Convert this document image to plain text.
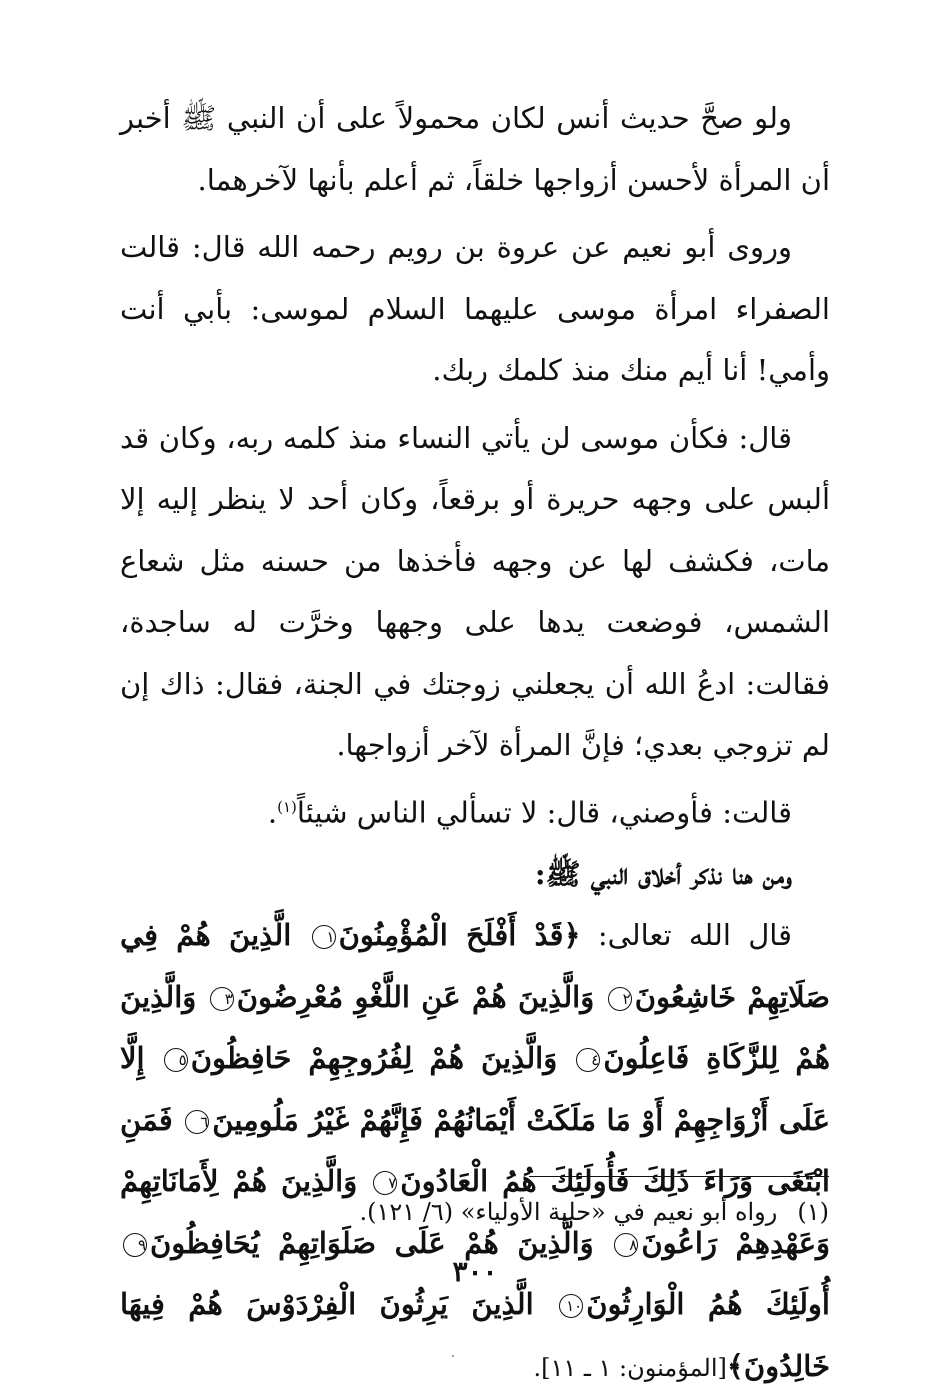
ولو صحَّ حديث أنس لكان محمولاً على أن النبي ﷺ أخبر أن المرأة لأحسن أزواجها خلقاً، ثم أعلم بأنها لآخرهما.

وروى أبو نعيم عن عروة بن رويم رحمه الله قال: قالت الصفراء امرأة موسى عليهما السلام لموسى: بأبي أنت وأمي! أنا أيم منك منذ كلمك ربك.

قال: فكأن موسى لن يأتي النساء منذ كلمه ربه، وكان قد ألبس على وجهه حريرة أو برقعاً، وكان أحد لا ينظر إليه إلا مات، فكشف لها عن وجهه فأخذها من حسنه مثل شعاع الشمس، فوضعت يدها على وجهها وخرَّت له ساجدة، فقالت: ادعُ الله أن يجعلني زوجتك في الجنة، فقال: ذاك إن لم تزوجي بعدي؛ فإنَّ المرأة لآخر أزواجها.

قالت: فأوصني، قال: لا تسألي الناس شيئاً$^{(١)}$.

ومن هنا نذكر أخلاق النبي ﷺ:

قال الله تعالى: ﴿قَدْ أَفْلَحَ الْمُؤْمِنُونَ١ الَّذِينَ هُمْ فِي صَلَاتِهِمْ خَاشِعُونَ٢ وَالَّذِينَ هُمْ عَنِ اللَّغْوِ مُعْرِضُونَ٣ وَالَّذِينَ هُمْ لِلزَّكَاةِ فَاعِلُونَ٤ وَالَّذِينَ هُمْ لِفُرُوجِهِمْ حَافِظُونَ٥ إِلَّا عَلَى أَزْوَاجِهِمْ أَوْ مَا مَلَكَتْ أَيْمَانُهُمْ فَإِنَّهُمْ غَيْرُ مَلُومِينَ٦ فَمَنِ ابْتَغَى وَرَاءَ ذَلِكَ فَأُولَئِكَ هُمُ الْعَادُونَ٧ وَالَّذِينَ هُمْ لِأَمَانَاتِهِمْ وَعَهْدِهِمْ رَاعُونَ٨ وَالَّذِينَ هُمْ عَلَى صَلَوَاتِهِمْ يُحَافِظُونَ٩ أُولَئِكَ هُمُ الْوَارِثُونَ١٠ الَّذِينَ يَرِثُونَ الْفِرْدَوْسَ هُمْ فِيهَا خَالِدُونَ﴾[المؤمنون: ١ ـ ١١].

(١)رواه أبو نعيم في «حلية الأولياء» (٦/ ١٢١).

٣٠٠
